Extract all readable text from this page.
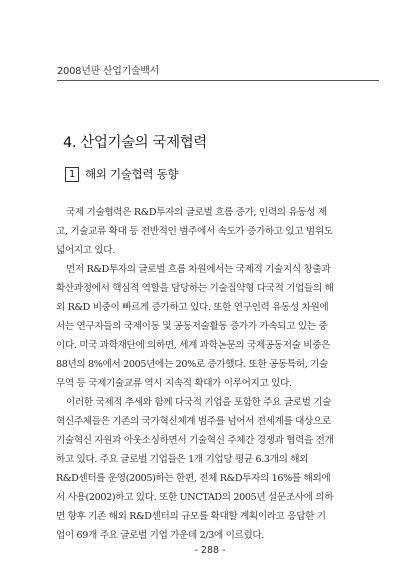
2008년판 산업기술백서
4. 산업기술의 국제협력
1 해외 기술협력 동향

국제 기술협력은 R&D투자의 글로벌 흐름 증가, 인력의 유동성 제

고, 기술교류 확대 등 전반적인 범주에서 속도가 증가하고 있고 범위도

넓어지고 있다.

먼저 R&D투자의 글로벌 흐름 차원에서는 국제적 기술지식 창출과

확산과정에서 핵심적 역할을 담당하는 기술집약형 다국적 기업들의 해

외 R&D 비중이 빠르게 증가하고 있다. 또한 연구인력 유동성 차원에

서는 연구자들의 국제이동 및 공동저술활동 증가가 가속되고 있는 중

이다. 미국 과학재단에 의하면, 세계 과학논문의 국제공동저술 비중은

88년의 8%에서 2005년에는 20%로 증가했다. 또한 공동특허, 기술

무역 등 국제기술교류 역시 지속적 확대가 이루어지고 있다.

이러한 국제적 추세와 함께 다국적 기업을 포함한 주요 글로벌 기술

혁신주체들은 기존의 국가혁신체계 범주를 넘어서 전세계를 대상으로

기술혁신 자원과 아웃소싱하면서 기술혁신 주체간 경쟁과 협력을 전개

하고 있다. 주요 글로벌 기업들은 1개 기업당 평균 6.3개의 해외

R&D센터를 운영(2005)하는 한편, 전체 R&D투자의 16%를 해외에

서 사용(2002)하고 있다. 또한 UNCTAD의 2005년 설문조사에 의하

면 향후 기존 해외 R&D센터의 규모를 확대할 계획이라고 응답한 기

업이 69개 주요 글로벌 기업 가운데 2/3에 이르렀다.

- 288 -
